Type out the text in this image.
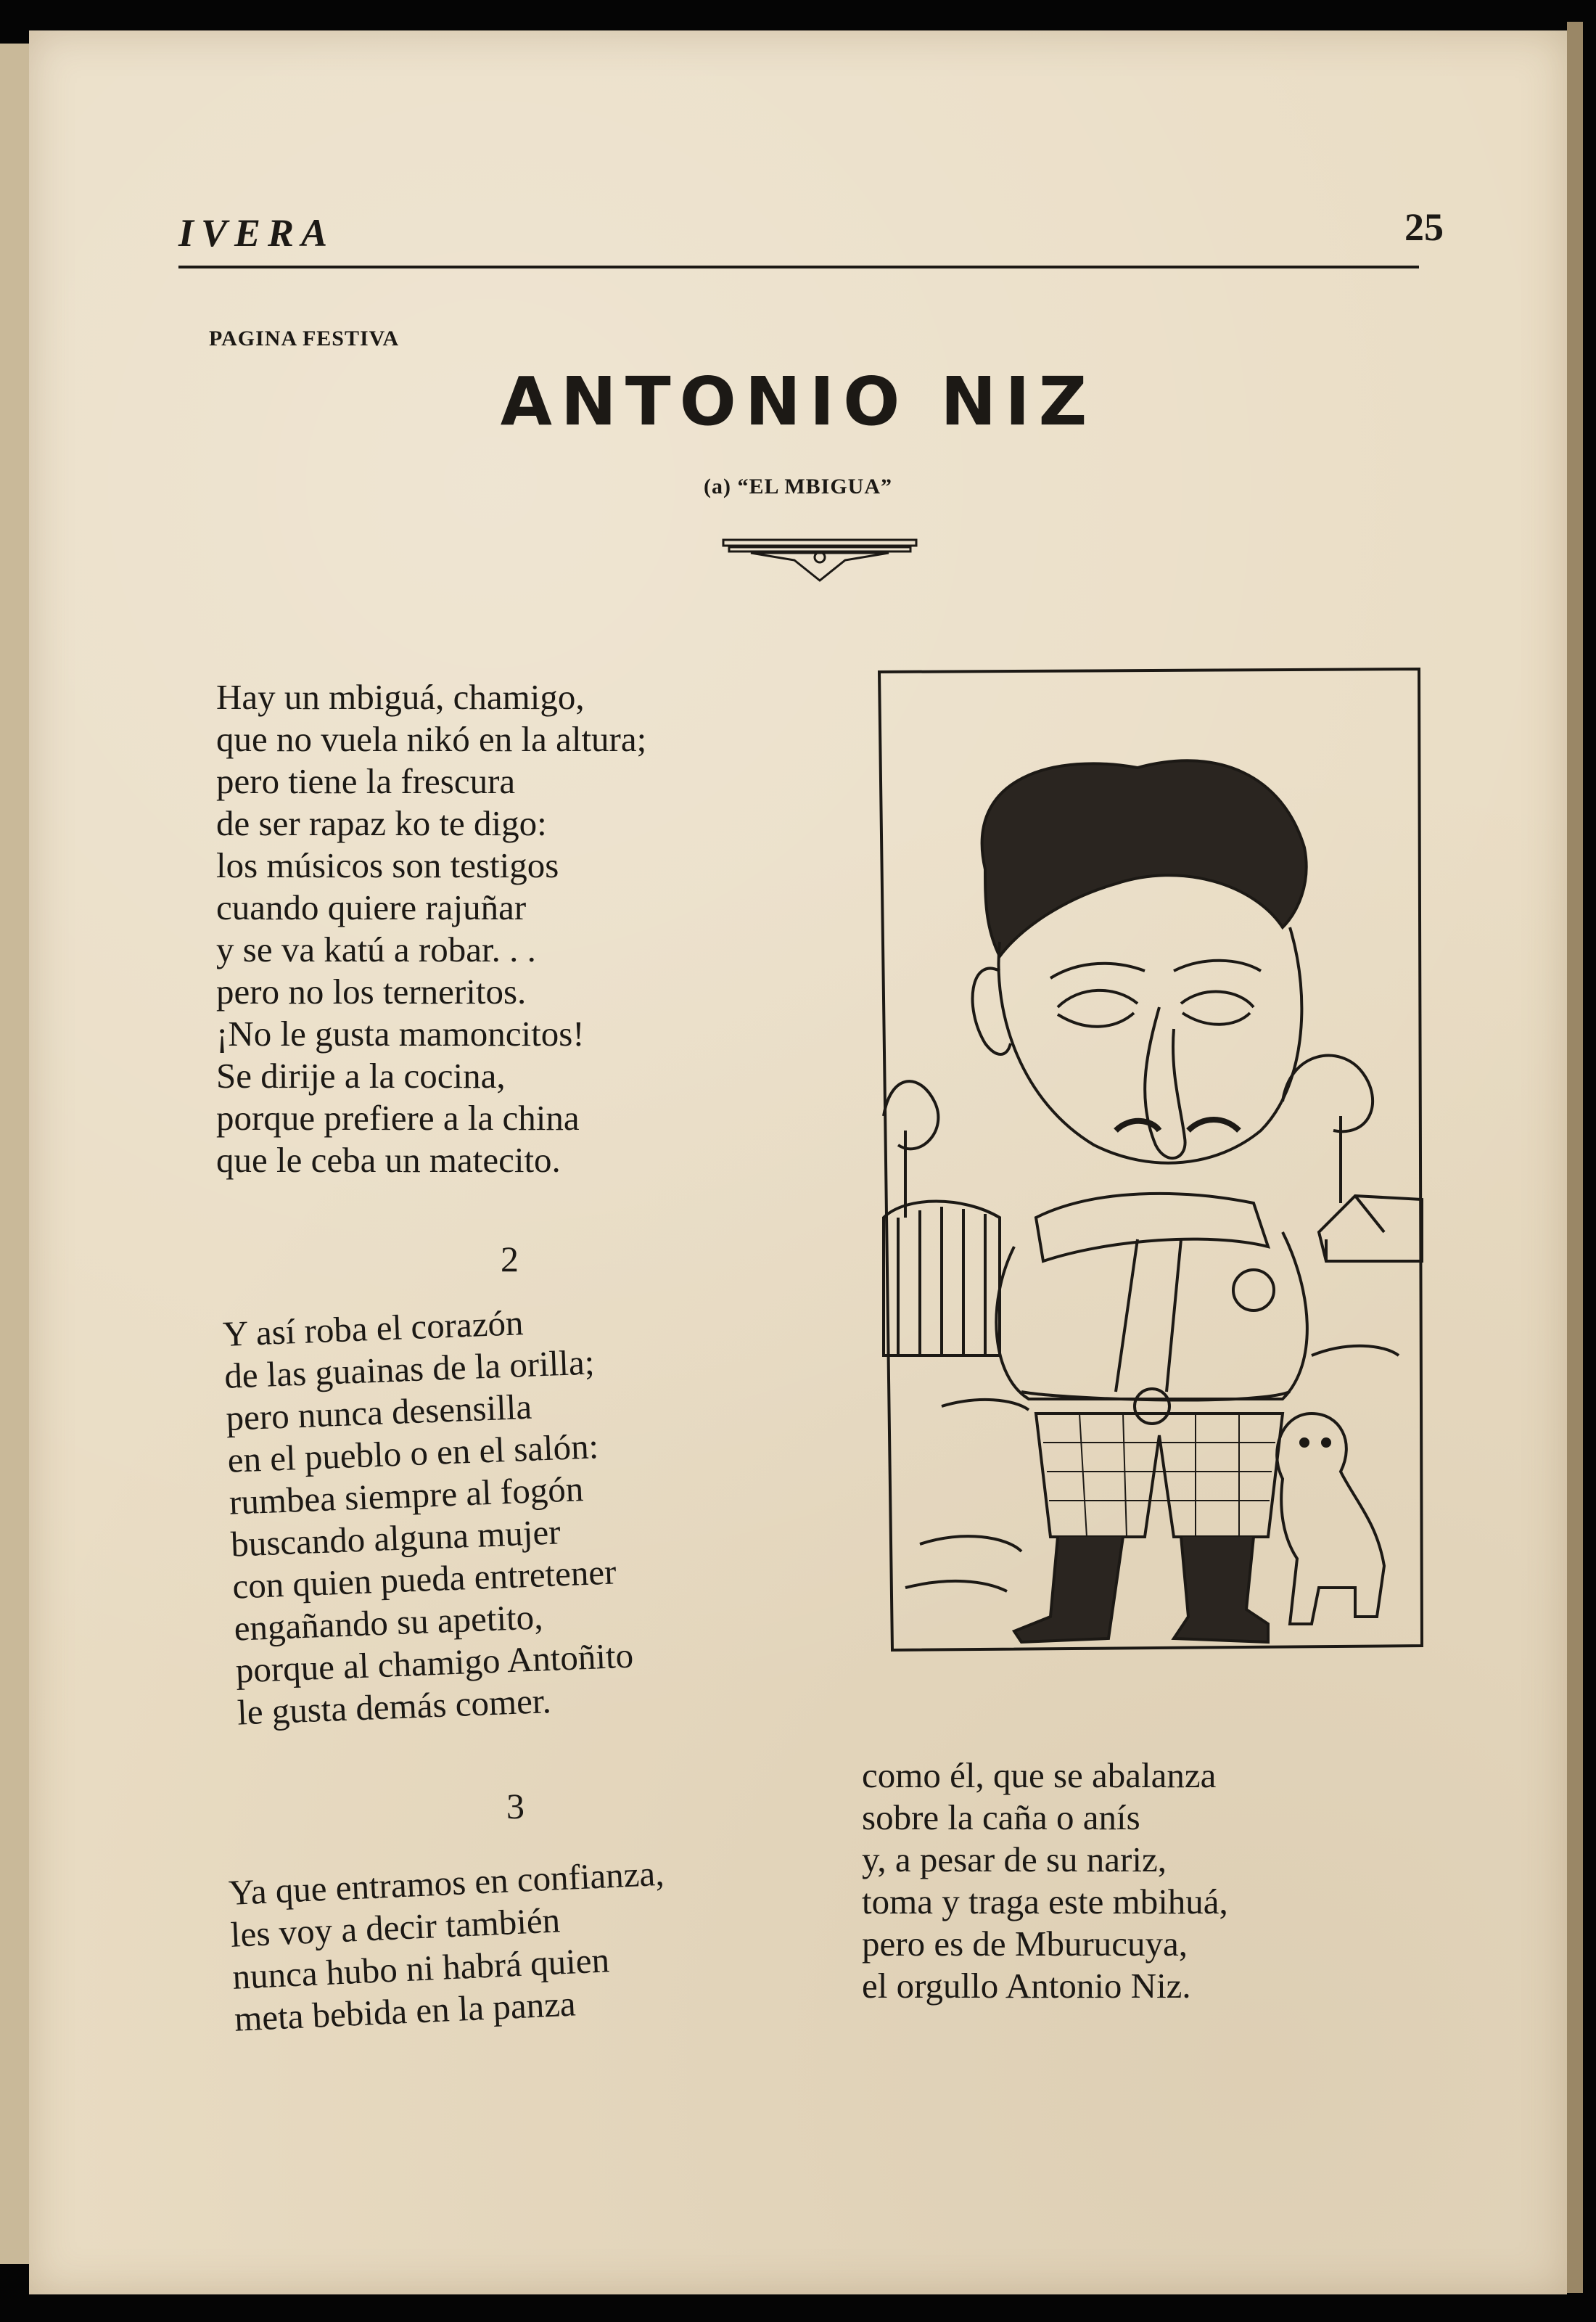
IVERA	25
PAGINA FESTIVA
ANTONIO NIZ
(a) “EL MBIGUA”
Hay un mbiguá, chamigo,
que no vuela nikó en la altura;
pero tiene la frescura
de ser rapaz ko te digo:
los músicos son testigos
cuando quiere rajuñar
y se va katú a robar. . .
pero no los terneritos.
¡No le gusta mamoncitos!
Se dirije a la cocina,
porque prefiere a la china
que le ceba un matecito.
2
Y así roba el corazón
de las guainas de la orilla;
pero nunca desensilla
en el pueblo o en el salón:
rumbea siempre al fogón
buscando alguna mujer
con quien pueda entretener
engañando su apetito,
porque al chamigo Antoñito
le gusta demás comer.
3
Ya que entramos en confianza,
les voy a decir también
nunca hubo ni habrá quien
meta bebida en la panza
como él, que se abalanza
sobre la caña o anís
y, a pesar de su nariz,
toma y traga este mbihuá,
pero es de Mburucuya,
el orgullo Antonio Niz.
